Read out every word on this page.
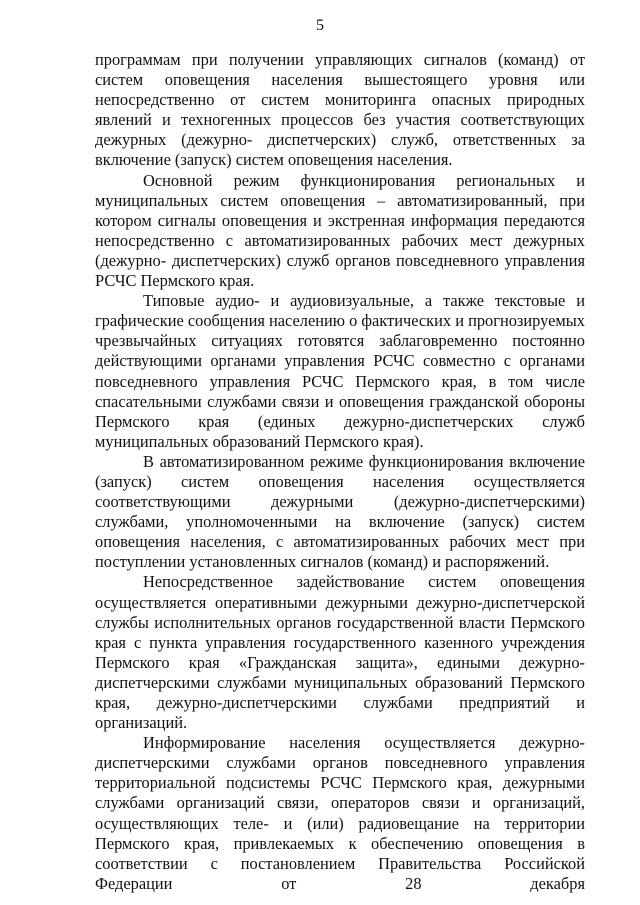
5
программам при получении управляющих сигналов (команд) от систем оповещения населения вышестоящего уровня или непосредственно от систем мониторинга опасных природных явлений и техногенных процессов без участия соответствующих дежурных (дежурно- диспетчерских) служб, ответственных за включение (запуск) систем оповещения населения.
Основной режим функционирования региональных и муниципальных систем оповещения – автоматизированный, при котором сигналы оповещения и экстренная информация передаются непосредственно с автоматизированных рабочих мест дежурных (дежурно- диспетчерских) служб органов повседневного управления РСЧС Пермского края.
Типовые аудио- и аудиовизуальные, а также текстовые и графические сообщения населению о фактических и прогнозируемых чрезвычайных ситуациях готовятся заблаговременно постоянно действующими органами управления РСЧС совместно с органами повседневного управления РСЧС Пермского края, в том числе спасательными службами связи и оповещения гражданской обороны Пермского края (единых дежурно-диспетчерских служб муниципальных образований Пермского края).
В автоматизированном режиме функционирования включение (запуск) систем оповещения населения осуществляется соответствующими дежурными (дежурно-диспетчерскими) службами, уполномоченными на включение (запуск) систем оповещения населения, с автоматизированных рабочих мест при поступлении установленных сигналов (команд) и распоряжений.
Непосредственное задействование систем оповещения осуществляется оперативными дежурными дежурно-диспетчерской службы исполнительных органов государственной власти Пермского края с пункта управления государственного казенного учреждения Пермского края «Гражданская защита», едиными дежурно-диспетчерскими службами муниципальных образований Пермского края, дежурно-диспетчерскими службами предприятий и организаций.
Информирование населения осуществляется дежурно- диспетчерскими службами органов повседневного управления территориальной подсистемы РСЧС Пермского края, дежурными службами организаций связи, операторов связи и организаций, осуществляющих теле- и (или) радиовещание на территории Пермского края, привлекаемых к обеспечению оповещения в соответствии с постановлением Правительства Российской Федерации от 28 декабря
